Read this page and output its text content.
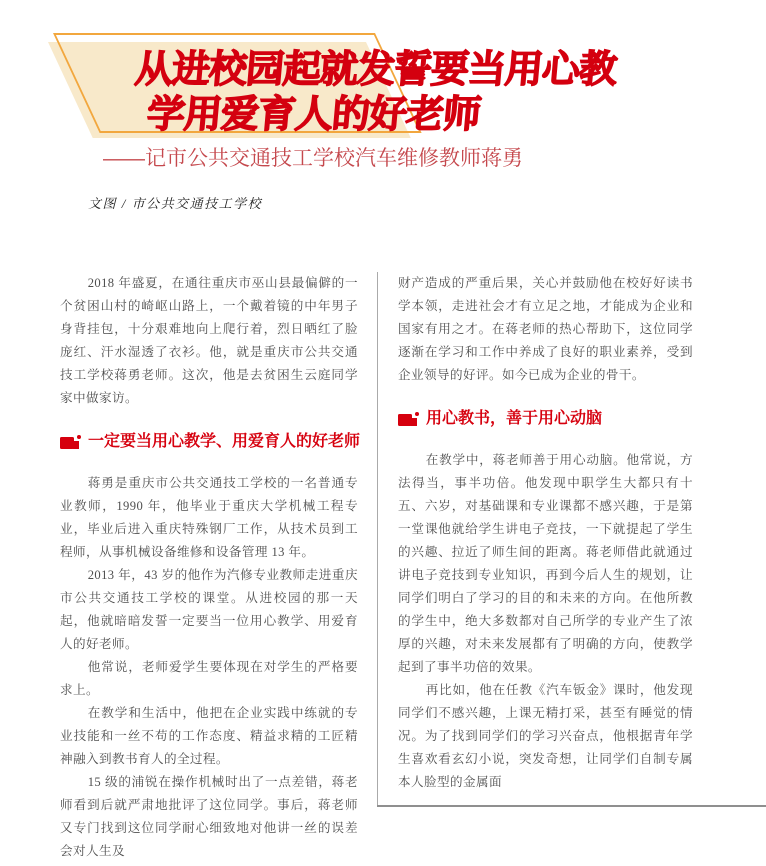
从进校园起就发誓要当用心教
学用爱育人的好老师
——记市公共交通技工学校汽车维修教师蒋勇
文图 / 市公共交通技工学校

2018 年盛夏，在通往重庆市巫山县最偏僻的一个贫困山村的崎岖山路上，一个戴着镜的中年男子身背挂包，十分艰难地向上爬行着，烈日晒红了脸庞红、汗水湿透了衣衫。他，就是重庆市公共交通技工学校蒋勇老师。这次，他是去贫困生云庭同学家中做家访。

一定要当用心教学、用爱育人的好老师

蒋勇是重庆市公共交通技工学校的一名普通专业教师，1990 年，他毕业于重庆大学机械工程专业，毕业后进入重庆特殊钢厂工作，从技术员到工程师，从事机械设备维修和设备管理 13 年。

2013 年，43 岁的他作为汽修专业教师走进重庆市公共交通技工学校的课堂。从进校园的那一天起，他就暗暗发誓一定要当一位用心教学、用爱育人的好老师。

他常说，老师爱学生要体现在对学生的严格要求上。

在教学和生活中，他把在企业实践中练就的专业技能和一丝不苟的工作态度、精益求精的工匠精神融入到教书育人的全过程。

15 级的浦锐在操作机械时出了一点差错，蒋老师看到后就严肃地批评了这位同学。事后，蒋老师又专门找到这位同学耐心细致地对他讲一丝的误差会对人生及

财产造成的严重后果，关心并鼓励他在校好好读书学本领，走进社会才有立足之地，才能成为企业和国家有用之才。在蒋老师的热心帮助下，这位同学逐渐在学习和工作中养成了良好的职业素养，受到企业领导的好评。如今已成为企业的骨干。

用心教书，善于用心动脑

在教学中，蒋老师善于用心动脑。他常说，方法得当，事半功倍。他发现中职学生大都只有十五、六岁，对基础课和专业课都不感兴趣，于是第一堂课他就给学生讲电子竞技，一下就提起了学生的兴趣、拉近了师生间的距离。蒋老师借此就通过讲电子竞技到专业知识，再到今后人生的规划，让同学们明白了学习的目的和未来的方向。在他所教的学生中，绝大多数都对自己所学的专业产生了浓厚的兴趣，对未来发展都有了明确的方向，使教学起到了事半功倍的效果。

再比如，他在任教《汽车钣金》课时，他发现同学们不感兴趣，上课无精打采，甚至有睡觉的情况。为了找到同学们的学习兴奋点，他根据青年学生喜欢看玄幻小说，突发奇想，让同学们自制专属本人脸型的金属面
